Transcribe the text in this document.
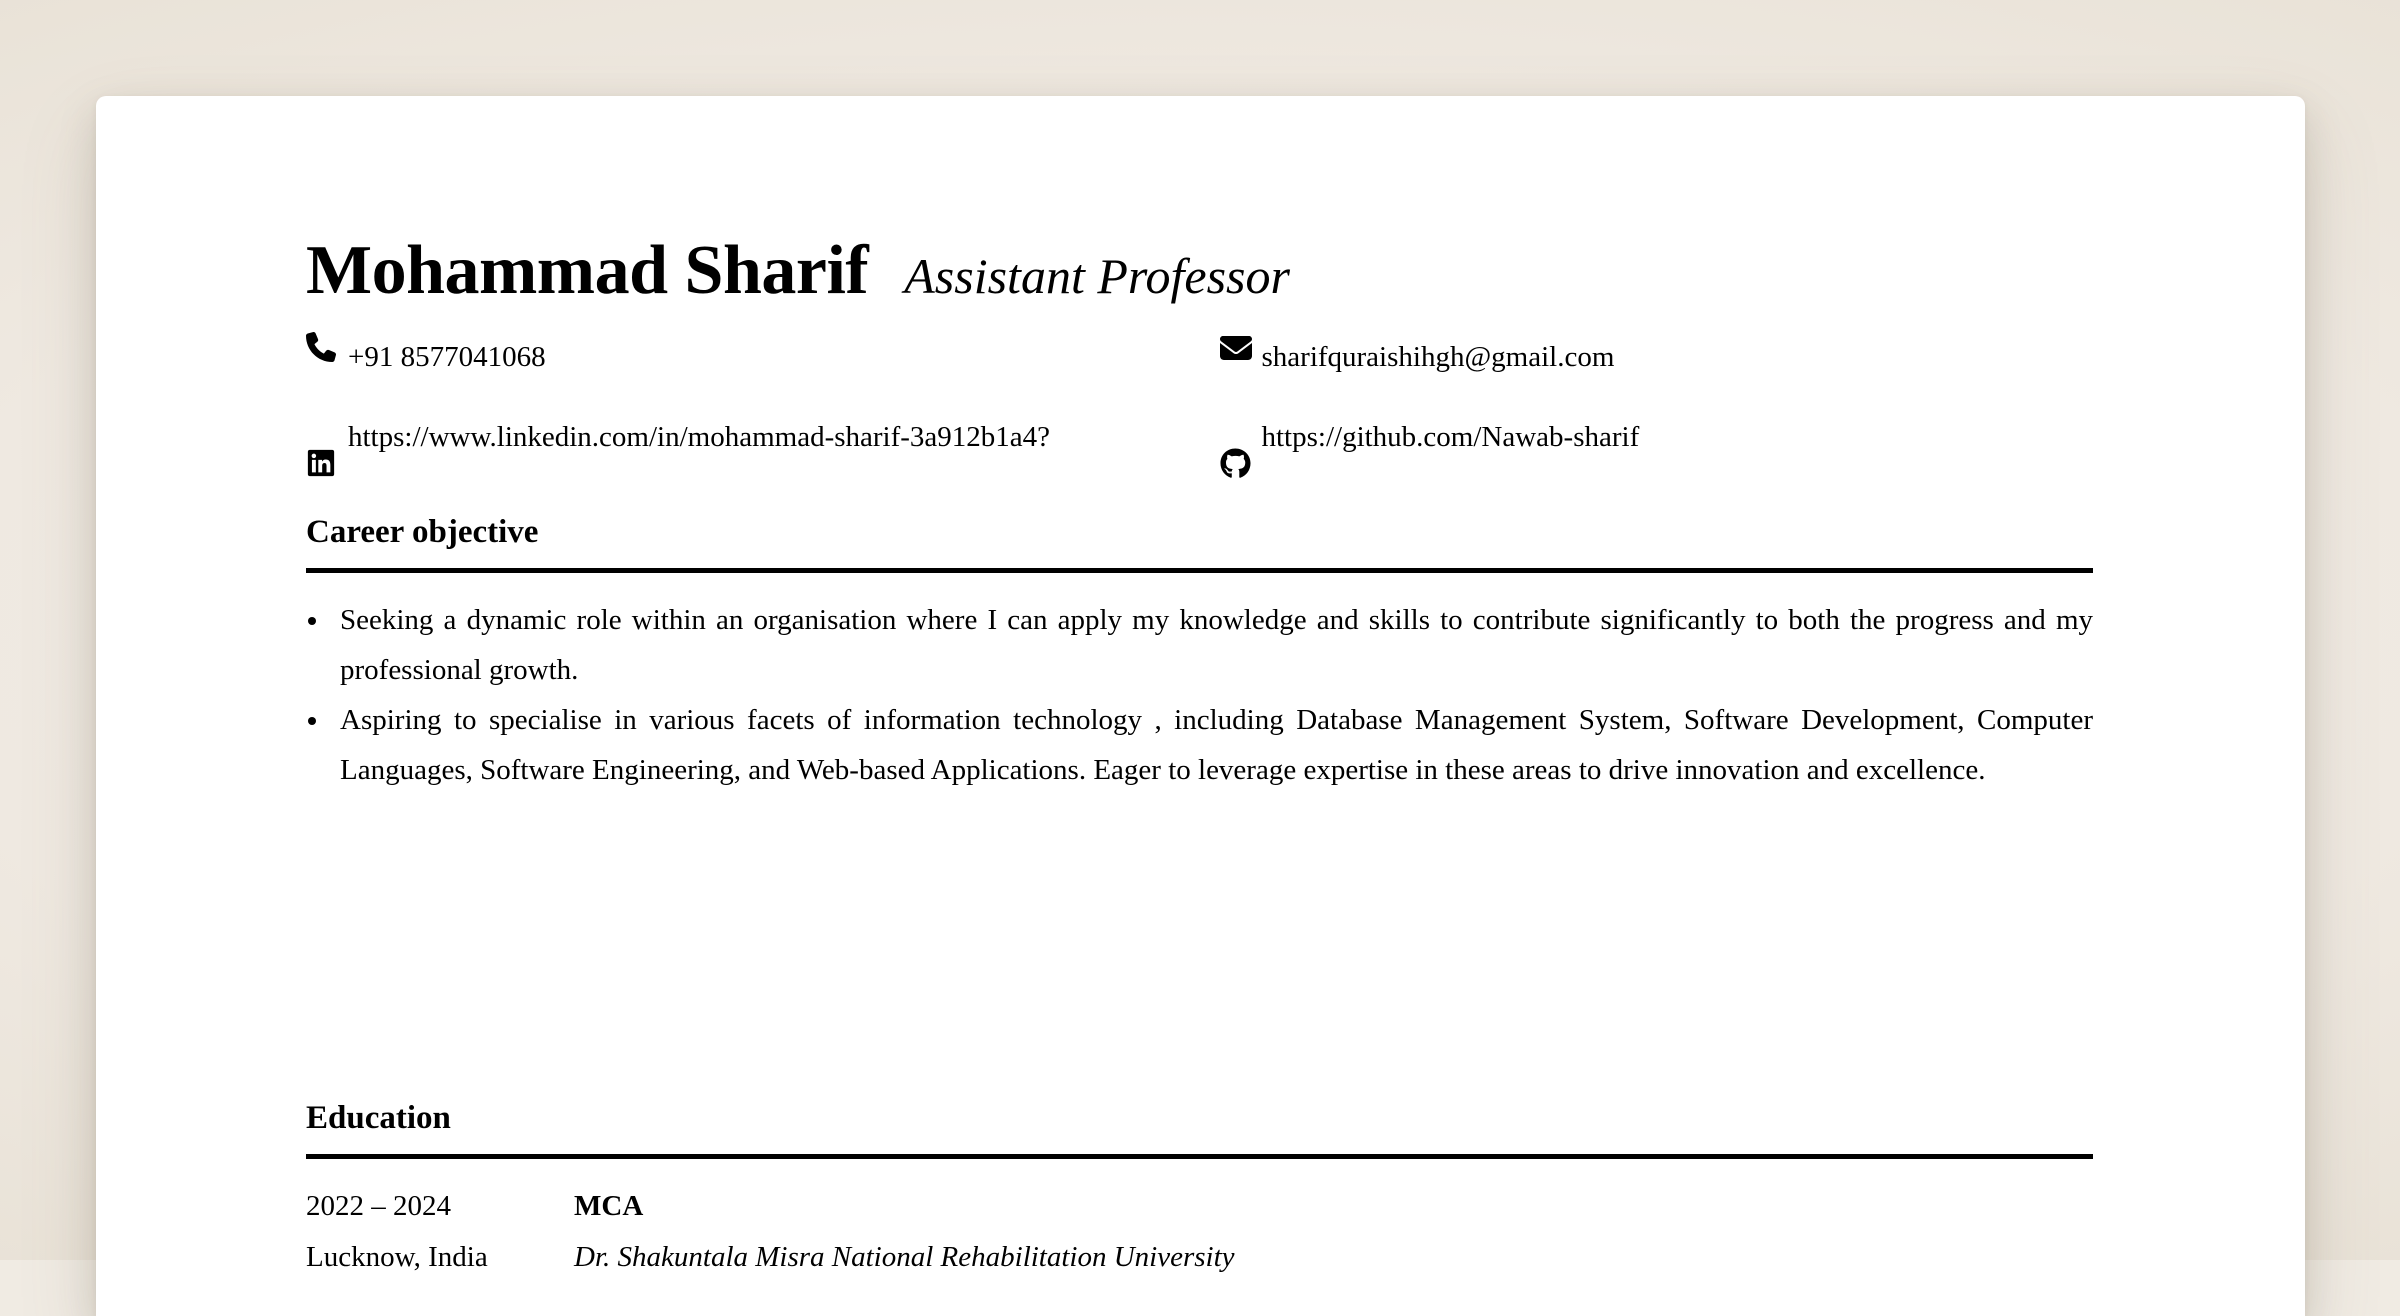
Mohammad Sharif Assistant Professor
+91 8577041068	sharifquraishihgh@gmail.com
https://www.linkedin.com/in/mohammad-sharif-3a912b1a4?	https://github.com/Nawab-sharif
Career objective
Seeking a dynamic role within an organisation where I can apply my knowledge and skills to contribute significantly to both the progress and my professional growth.
Aspiring to specialise in various facets of information technology , including Database Management System, Software Development, Computer Languages, Software Engineering, and Web-based Applications. Eager to leverage expertise in these areas to drive innovation and excellence.
Education
2022 – 2024
Lucknow, India
MCA
Dr. Shakuntala Misra National Rehabilitation University
